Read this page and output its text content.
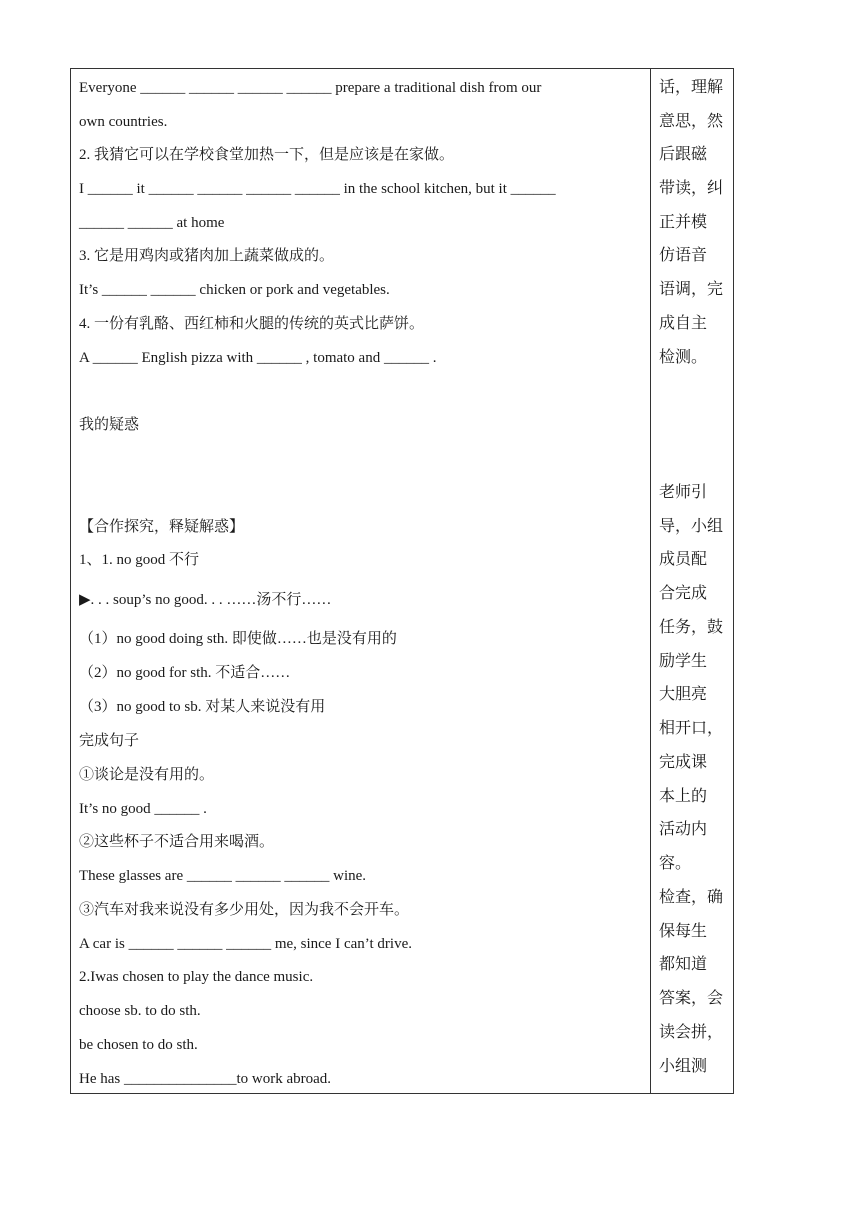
Everyone ______ ______ ______ ______ prepare a traditional dish from our
own countries.
2. 我猜它可以在学校食堂加热一下，但是应该是在家做。
I ______ it ______ ______ ______ ______ in the school kitchen, but it ______
______ ______ at home
3. 它是用鸡肉或猪肉加上蔬菜做成的。
It’s ______ ______ chicken or pork and vegetables.
4. 一份有乳酪、西红柿和火腿的传统的英式比萨饼。
A ______ English pizza with ______ , tomato and ______ .
我的疑惑
【合作探究，释疑解惑】
1、1. no good 不行
▶. . . soup’s no good. . . ……汤不行……
（1）no good doing sth. 即使做……也是没有用的
（2）no good for sth. 不适合……
（3）no good to sb. 对某人来说没有用
完成句子
①谈论是没有用的。
It’s no good ______ .
②这些杯子不适合用来喝酒。
These glasses are ______ ______ ______ wine.
③汽车对我来说没有多少用处，因为我不会开车。
A car is ______ ______ ______ me, since I can’t drive.
2.Iwas chosen to play the dance music.
choose sb. to do sth.
be chosen to do sth.
He has _______________to work abroad.
话，理解
意思，然
后跟磁
带读，纠
正并模
仿语音
语调，完
成自主
检测。
老师引
导，小组
成员配
合完成
任务，鼓
励学生
大胆亮
相开口，
完成课
本上的
活动内
容。
检查，确
保每生
都知道
答案，会
读会拼，
小组测
